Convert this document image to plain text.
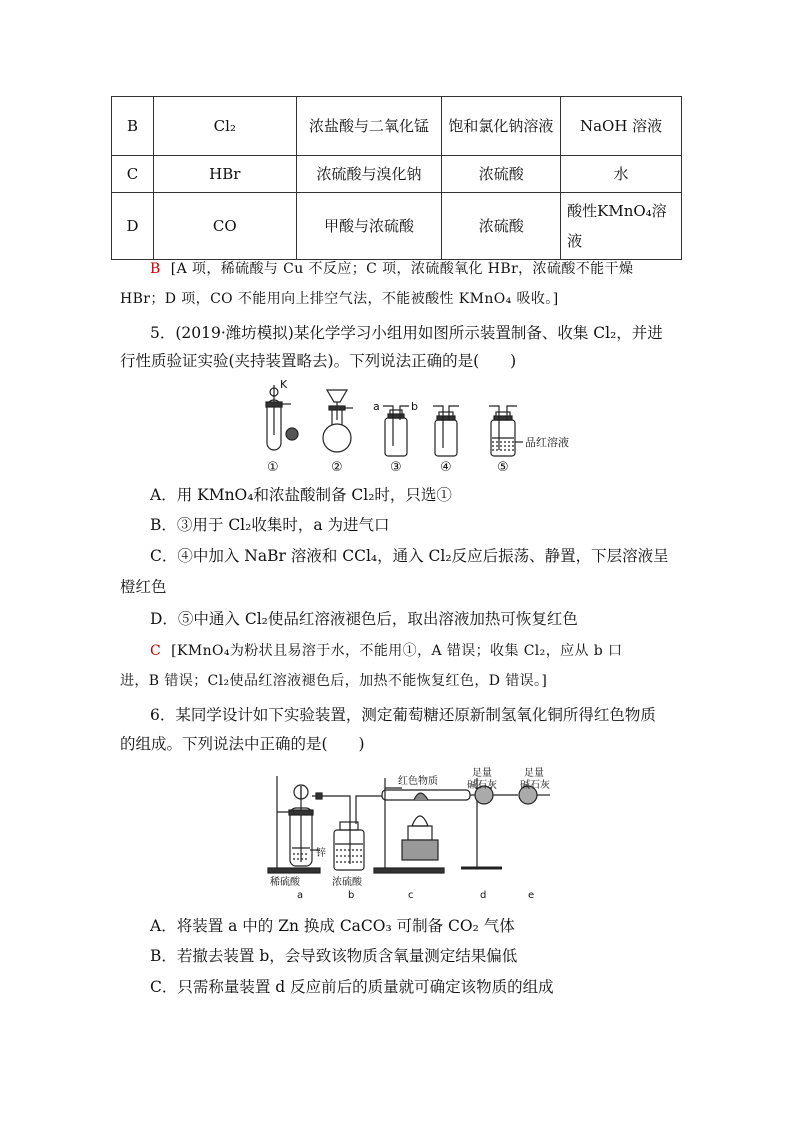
B	Cl₂	浓盐酸与二氧化锰	饱和氯化钠溶液	NaOH 溶液
C	HBr	浓硫酸与溴化钠	浓硫酸	水
D	CO	甲酸与浓硫酸	浓硫酸	酸性KMnO₄溶液
B [A 项，稀硫酸与 Cu 不反应；C 项，浓硫酸氧化 HBr，浓硫酸不能干燥
HBr；D 项，CO 不能用向上排空气法，不能被酸性 KMnO₄ 吸收。]
5．(2019·潍坊模拟)某化学学习小组用如图所示装置制备、收集 Cl₂，并进
行性质验证实验(夹持装置略去)。下列说法正确的是(　　)
K
a	b
品红溶液
①	②	③	④	⑤
A．用 KMnO₄和浓盐酸制备 Cl₂时，只选①
B．③用于 Cl₂收集时，a 为进气口
C．④中加入 NaBr 溶液和 CCl₄，通入 Cl₂反应后振荡、静置，下层溶液呈
橙红色
D．⑤中通入 Cl₂使品红溶液褪色后，取出溶液加热可恢复红色
C [KMnO₄为粉状且易溶于水，不能用①，A 错误；收集 Cl₂，应从 b 口
进，B 错误；Cl₂使品红溶液褪色后，加热不能恢复红色，D 错误。]
6．某同学设计如下实验装置，测定葡萄糖还原新制氢氧化铜所得红色物质
的组成。下列说法中正确的是(　　)
红色物质
足量
碱石灰
足量
碱石灰
锌
稀硫酸	浓硫酸
a	b	c	d	e
A．将装置 a 中的 Zn 换成 CaCO₃ 可制备 CO₂ 气体
B．若撤去装置 b，会导致该物质含氧量测定结果偏低
C．只需称量装置 d 反应前后的质量就可确定该物质的组成
